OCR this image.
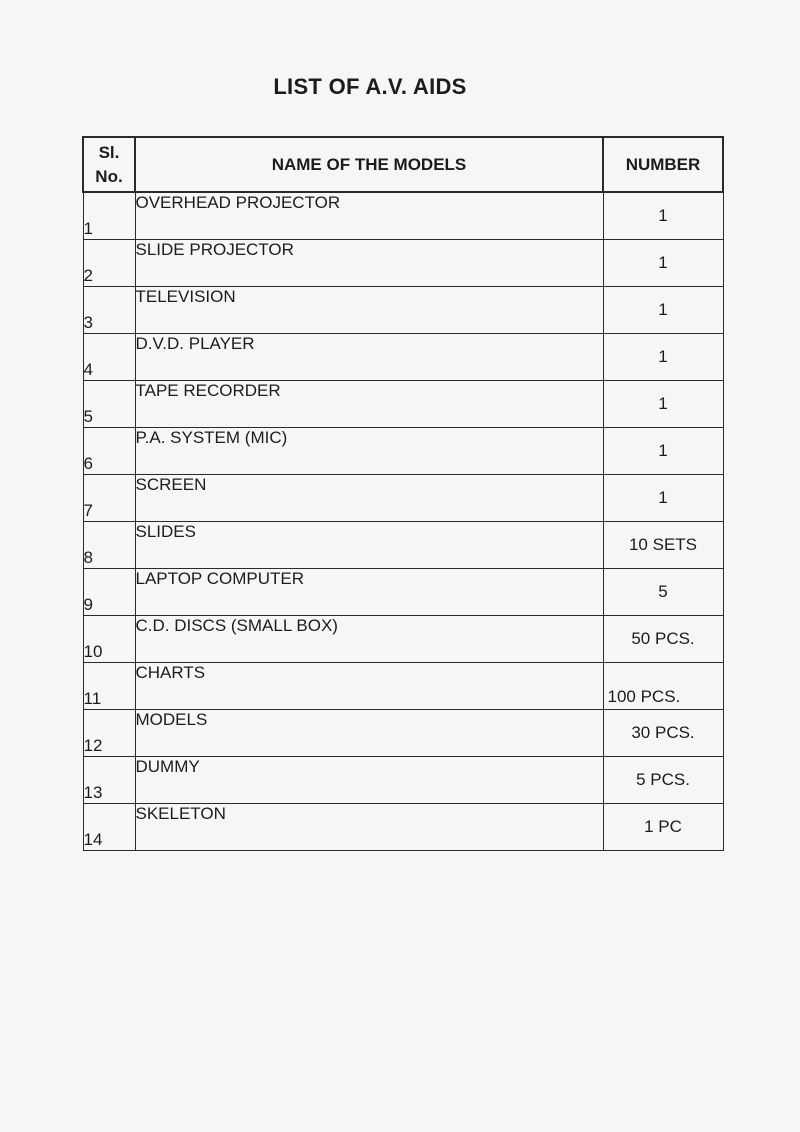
LIST OF A.V. AIDS
Sl.
No.	NAME OF THE MODELS	NUMBER
1	OVERHEAD PROJECTOR	1
2	SLIDE PROJECTOR	1
3	TELEVISION	1
4	D.V.D. PLAYER	1
5	TAPE RECORDER	1
6	P.A. SYSTEM (MIC)	1
7	SCREEN	1
8	SLIDES	10 SETS
9	LAPTOP COMPUTER	5
10	C.D. DISCS (SMALL BOX)	50 PCS.
11	CHARTS	100 PCS.
12	MODELS	30 PCS.
13	DUMMY	5 PCS.
14	SKELETON	1 PC
